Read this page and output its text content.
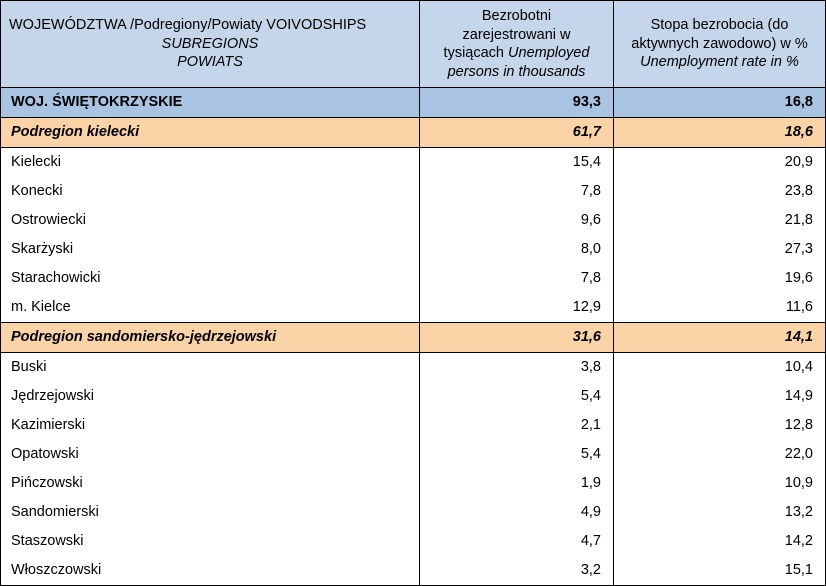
WOJEWÓDZTWA /Podregiony/Powiaty VOIVODSHIPS
SUBREGIONS
POWIATS	Bezrobotni
zarejestrowani w
tysiącach Unemployed
persons in thousands	Stopa bezrobocia (do
aktywnych zawodowo) w %
Unemployment rate in %
WOJ. ŚWIĘTOKRZYSKIE	93,3	16,8
Podregion kielecki	61,7	18,6
Kielecki	15,4	20,9
Konecki	7,8	23,8
Ostrowiecki	9,6	21,8
Skarżyski	8,0	27,3
Starachowicki	7,8	19,6
m. Kielce	12,9	11,6
Podregion sandomiersko-jędrzejowski	31,6	14,1
Buski	3,8	10,4
Jędrzejowski	5,4	14,9
Kazimierski	2,1	12,8
Opatowski	5,4	22,0
Pińczowski	1,9	10,9
Sandomierski	4,9	13,2
Staszowski	4,7	14,2
Włoszczowski	3,2	15,1
